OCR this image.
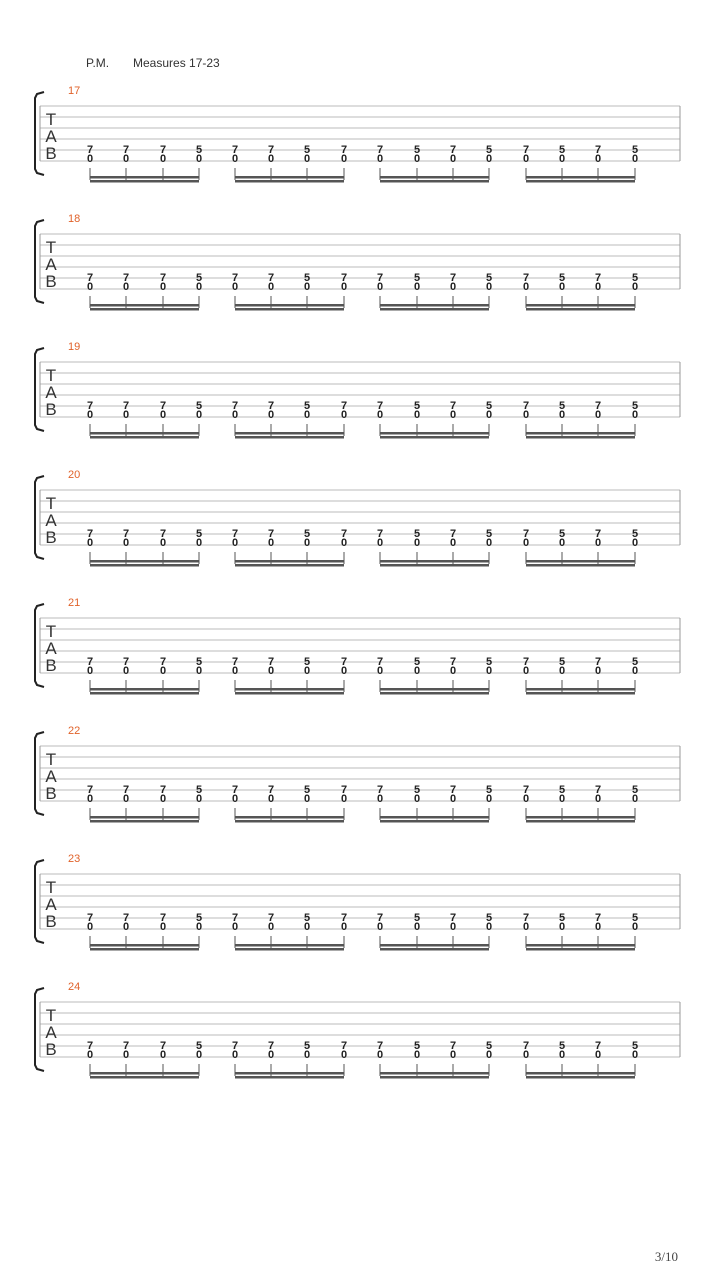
P.M. Measures 17-23
17
T
A
B	7
0
7
0
7
0
5
0
7
0
7
0
5
0
7
0
7
0
5
0
7
0
5
0
7
0
5
0
7
0
5
0
18
T
A
B	7
0
7
0
7
0
5
0
7
0
7
0
5
0
7
0
7
0
5
0
7
0
5
0
7
0
5
0
7
0
5
0
19
T
A
B	7
0
7
0
7
0
5
0
7
0
7
0
5
0
7
0
7
0
5
0
7
0
5
0
7
0
5
0
7
0
5
0
20
T
A
B	7
0
7
0
7
0
5
0
7
0
7
0
5
0
7
0
7
0
5
0
7
0
5
0
7
0
5
0
7
0
5
0
21
T
A
B	7
0
7
0
7
0
5
0
7
0
7
0
5
0
7
0
7
0
5
0
7
0
5
0
7
0
5
0
7
0
5
0
22
T
A
B	7
0
7
0
7
0
5
0
7
0
7
0
5
0
7
0
7
0
5
0
7
0
5
0
7
0
5
0
7
0
5
0
23
T
A
B	7
0
7
0
7
0
5
0
7
0
7
0
5
0
7
0
7
0
5
0
7
0
5
0
7
0
5
0
7
0
5
0
24
T
A
B	7
0
7
0
7
0
5
0
7
0
7
0
5
0
7
0
7
0
5
0
7
0
5
0
7
0
5
0
7
0
5
0
3/10
